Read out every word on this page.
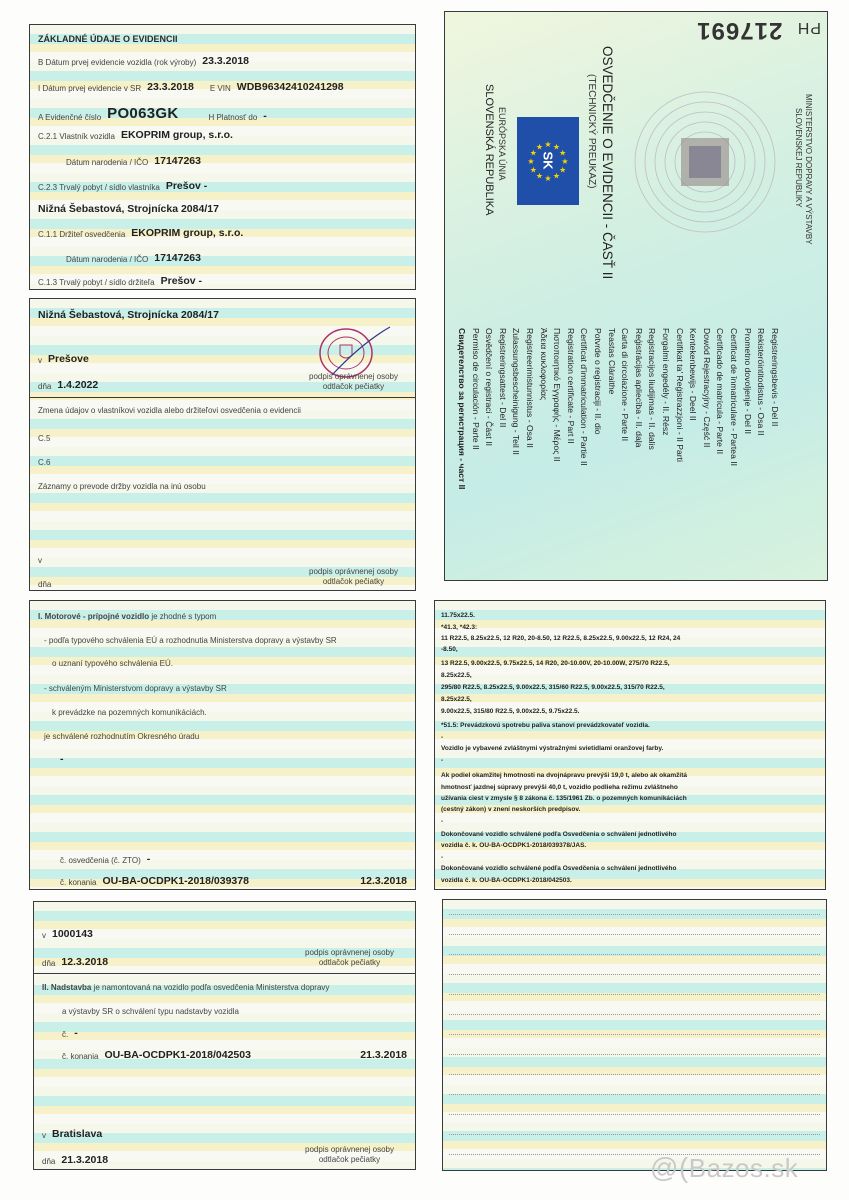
ZÁKLADNÉ ÚDAJE O EVIDENCII
B Dátum prvej evidencie vozidla (rok výroby) 23.3.2018
I Dátum prvej evidencie v SR 23.3.2018 E VIN WDB96342410241298
A Evidenčné číslo PO063GK	H Platnosť do -
C.2.1 Vlastník vozidla EKOPRIM group, s.r.o.
Dátum narodenia / IČO 17147263
C.2.3 Trvalý pobyt / sídlo vlastníka Prešov -
Nižná Šebastová, Strojnícka 2084/17
C.1.1 Držiteľ osvedčenia EKOPRIM group, s.r.o.
Dátum narodenia / IČO 17147263
C.1.3 Trvalý pobyt / sídlo držiteľa Prešov -
Nižná Šebastová, Strojnícka 2084/17
v Prešove
dňa 1.4.2022
podpis oprávnenej osoby
odtlačok pečiatky
Zmena údajov o vlastníkovi vozidla alebo držiteľovi osvedčenia o evidencii
C.5
C.6
Záznamy o prevode držby vozidla na inú osobu
v
dňa
podpis oprávnenej osoby
odtlačok pečiatky
I. Motorové - prípojné vozidlo je zhodné s typom
- podľa typového schválenia EÚ a rozhodnutia Ministerstva dopravy a výstavby SR
o uznaní typového schválenia EÚ.
- schváleným Ministerstvom dopravy a výstavby SR
k prevádzke na pozemných komunikáciách.
je schválené rozhodnutím Okresného úradu
-
č. osvedčenia (č. ZTO) -
č. konania OU-BA-OCDPK1-2018/039378	12.3.2018
11.75x22.5.
*41.3, *42.3:
11 R22.5, 8.25x22.5, 12 R20, 20-8.50, 12 R22.5, 8.25x22.5, 9.00x22.5, 12 R24, 24
-8.50,
13 R22.5, 9.00x22.5, 9.75x22.5, 14 R20, 20-10.00V, 20-10.00W, 275/70 R22.5,
8.25x22.5,
295/80 R22.5, 8.25x22.5, 9.00x22.5, 315/60 R22.5, 9.00x22.5, 315/70 R22.5,
8.25x22.5,
9.00x22.5, 315/80 R22.5, 9.00x22.5, 9.75x22.5.
*51.5: Prevádzkovú spotrebu paliva stanoví prevádzkovateľ vozidla.
-
Vozidlo je vybavené zvláštnymi výstražnými svietidlami oranžovej farby.
-
Ak podiel okamžitej hmotnosti na dvojnápravu prevýši 19,0 t, alebo ak okamžitá
hmotnosť jazdnej súpravy prevýši 40,0 t, vozidlo podlieha režimu zvláštneho
užívania ciest v zmysle § 8 zákona č. 135/1961 Zb. o pozemných komunikáciách
(cestný zákon) v znení neskorších predpisov.
-
Dokončované vozidlo schválené podľa Osvedčenia o schválení jednotlivého
vozidla č. k. OU-BA-OCDPK1-2018/039378/JAS.
-
Dokončované vozidlo schválené podľa Osvedčenia o schválení jednotlivého
vozidla č. k. OU-BA-OCDPK1-2018/042503.
v 1000143
dňa 12.3.2018
podpis oprávnenej osoby
odtlačok pečiatky
II. Nadstavba je namontovaná na vozidlo podľa osvedčenia Ministerstva dopravy
a výstavby SR o schválení typu nadstavby vozidla
č. -
č. konania OU-BA-OCDPK1-2018/042503	21.3.2018
v Bratislava
dňa 21.3.2018
podpis oprávnenej osoby
odtlačok pečiatky
PH 217691
★
★
★
★
★
★
★
★
★ ★ ★
★
SK
EURÓPSKA ÚNIA
SLOVENSKÁ REPUBLIKA	OSVEDČENIE O EVIDENCII - ČASŤ II
(TECHNICKÝ PREUKAZ)	MINISTERSTVO DOPRAVY A VÝSTAVBY
SLOVENSKEJ REPUBLIKY
Свидетелство за регистрация - част II Permiso de circulación - Parte II Osvědčení o registraci - Část II Registreringsattest - Del II Zulassungsbescheinigung - Teil II Registreerimistunnistus - Osa II Άδεια κυκλοφορίας Πιστοποιητικό Εγγραφής - Μέρος II Registration certificate - Part II Certificat d'immatriculation - Partie II Potvrde o registraciji - II. dio Teastas Cláraithe Carta di circolazione - Parte II Reģistrācijas apliecība - II. daļa Registracijos liudijimas - II. dalis Forgalmi engedély - II. Rész Certifikat ta' Reġistrazzjoni - II Parti Kentekenbewijs - Deel II Dowód Rejestracyjny - Część II Certificado de matrícula - Parte II Certificat de înmatriculare - Partea II Prometno dovoljenje - Del II Rekisteröintitodistus - Osa II Registreringsbevis - Del II
@(Bazos.sk
